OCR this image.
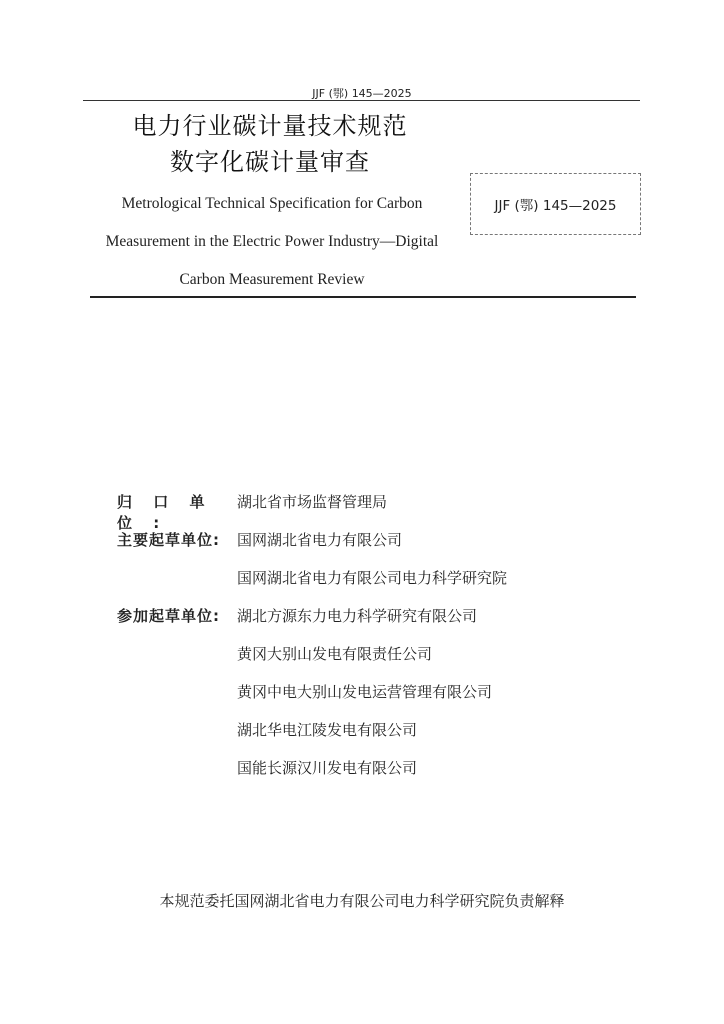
JJF (鄂) 145—2025
电力行业碳计量技术规范
数字化碳计量审查
Metrological Technical Specification for Carbon
Measurement in the Electric Power Industry—Digital
Carbon Measurement Review
JJF (鄂) 145—2025
归 口 单 位 :
湖北省市场监督管理局
主要起草单位:	国网湖北省电力有限公司
国网湖北省电力有限公司电力科学研究院
参加起草单位:	湖北方源东力电力科学研究有限公司
黄冈大别山发电有限责任公司
黄冈中电大别山发电运营管理有限公司
湖北华电江陵发电有限公司
国能长源汉川发电有限公司
本规范委托国网湖北省电力有限公司电力科学研究院负责解释
